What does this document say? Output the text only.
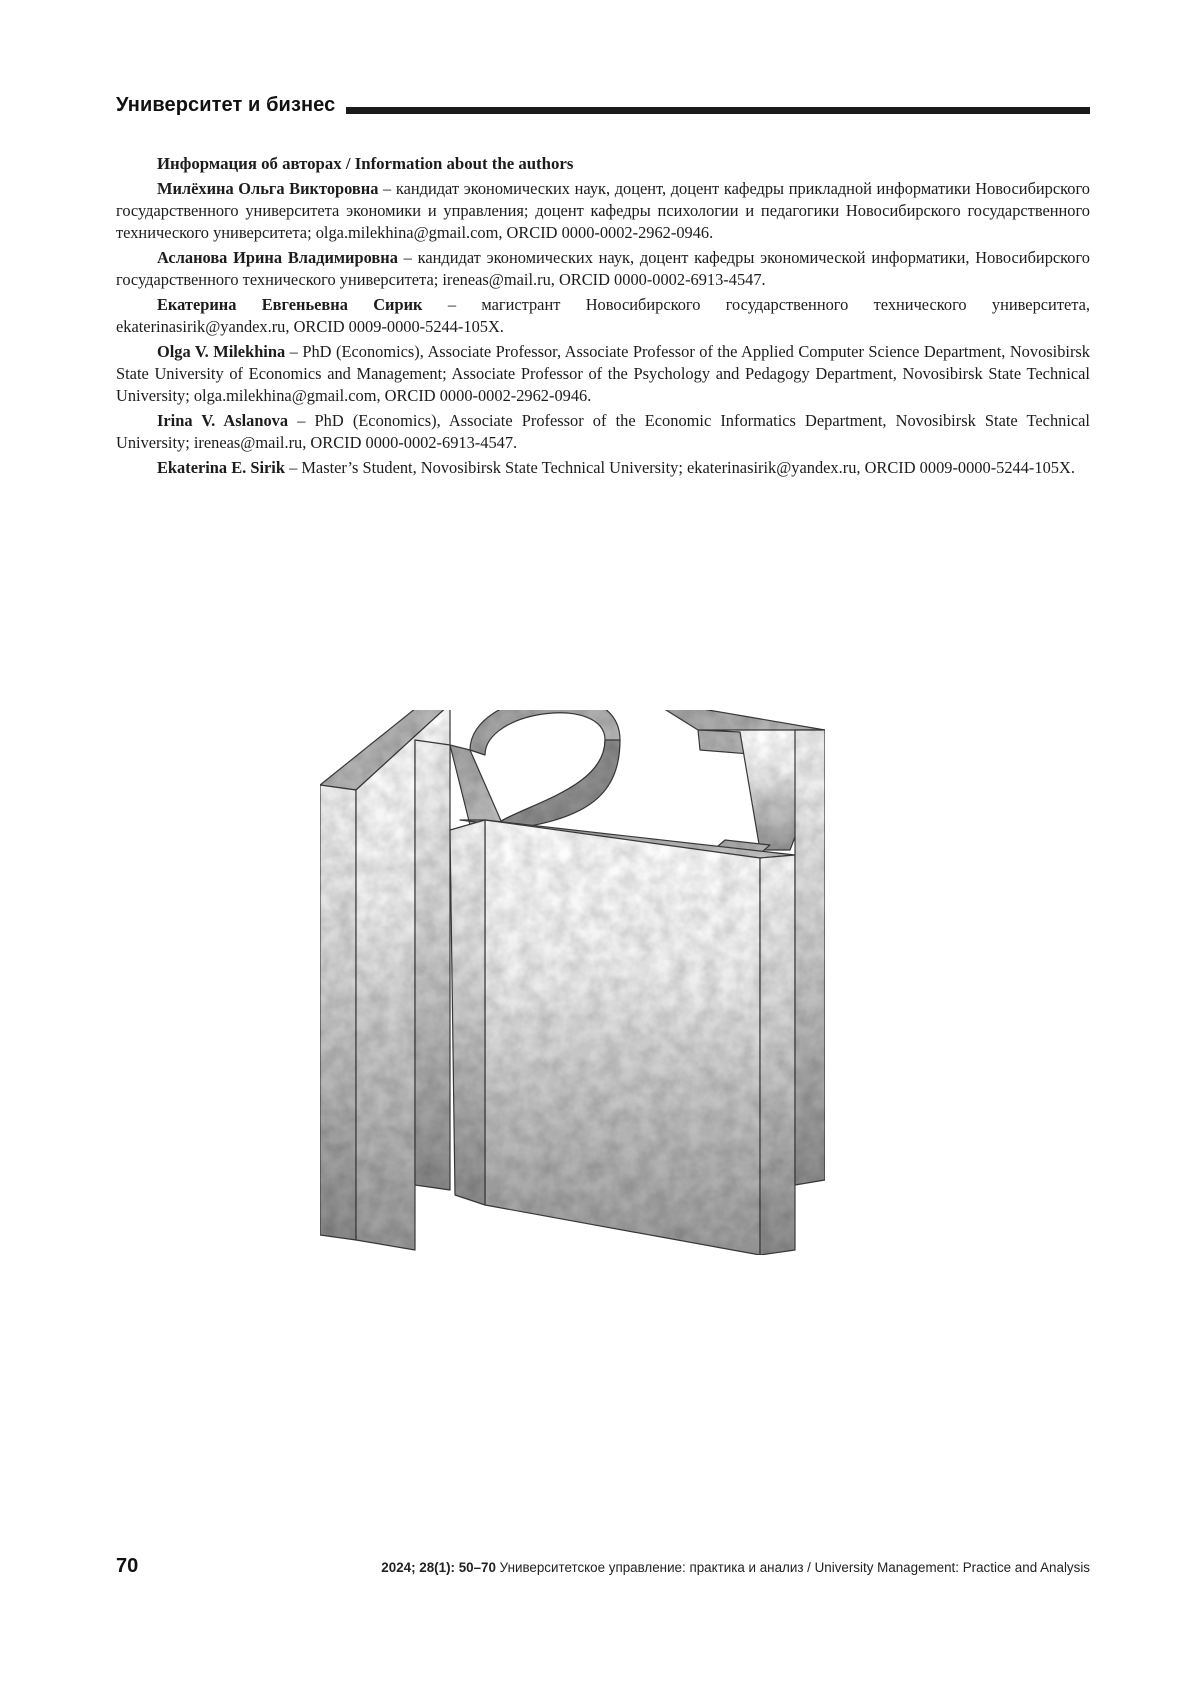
Университет и бизнес

Информация об авторах / Information about the authors

Милёхина Ольга Викторовна – кандидат экономических наук, доцент, доцент кафедры прикладной информатики Новосибирского государственного университета экономики и управления; доцент кафедры психологии и педагогики Новосибирского государственного технического университета; olga.milekhina@gmail.com, ORCID 0000-0002-2962-0946.

Асланова Ирина Владимировна – кандидат экономических наук, доцент кафедры экономической информатики, Новосибирского государственного технического университета; ireneas@mail.ru, ORCID 0000-0002-6913-4547.

Екатерина Евгеньевна Сирик – магистрант Новосибирского государственного технического университета, ekaterinasirik@yandex.ru, ORCID 0009-0000-5244-105X.

Olga V. Milekhina – PhD (Economics), Associate Professor, Associate Professor of the Applied Computer Science Department, Novosibirsk State University of Economics and Management; Associate Professor of the Psychology and Pedagogy Department, Novosibirsk State Technical University; olga.milekhina@gmail.com, ORCID 0000-0002-2962-0946.

Irina V. Aslanova – PhD (Economics), Associate Professor of the Economic Informatics Department, Novosibirsk State Technical University; ireneas@mail.ru, ORCID 0000-0002-6913-4547.

Ekaterina E. Sirik – Master’s Student, Novosibirsk State Technical University; ekaterinasirik@yandex.ru, ORCID 0009-0000-5244-105X.

70	2024; 28(1): 50–70 Университетское управление: практика и анализ / University Management: Practice and Analysis
